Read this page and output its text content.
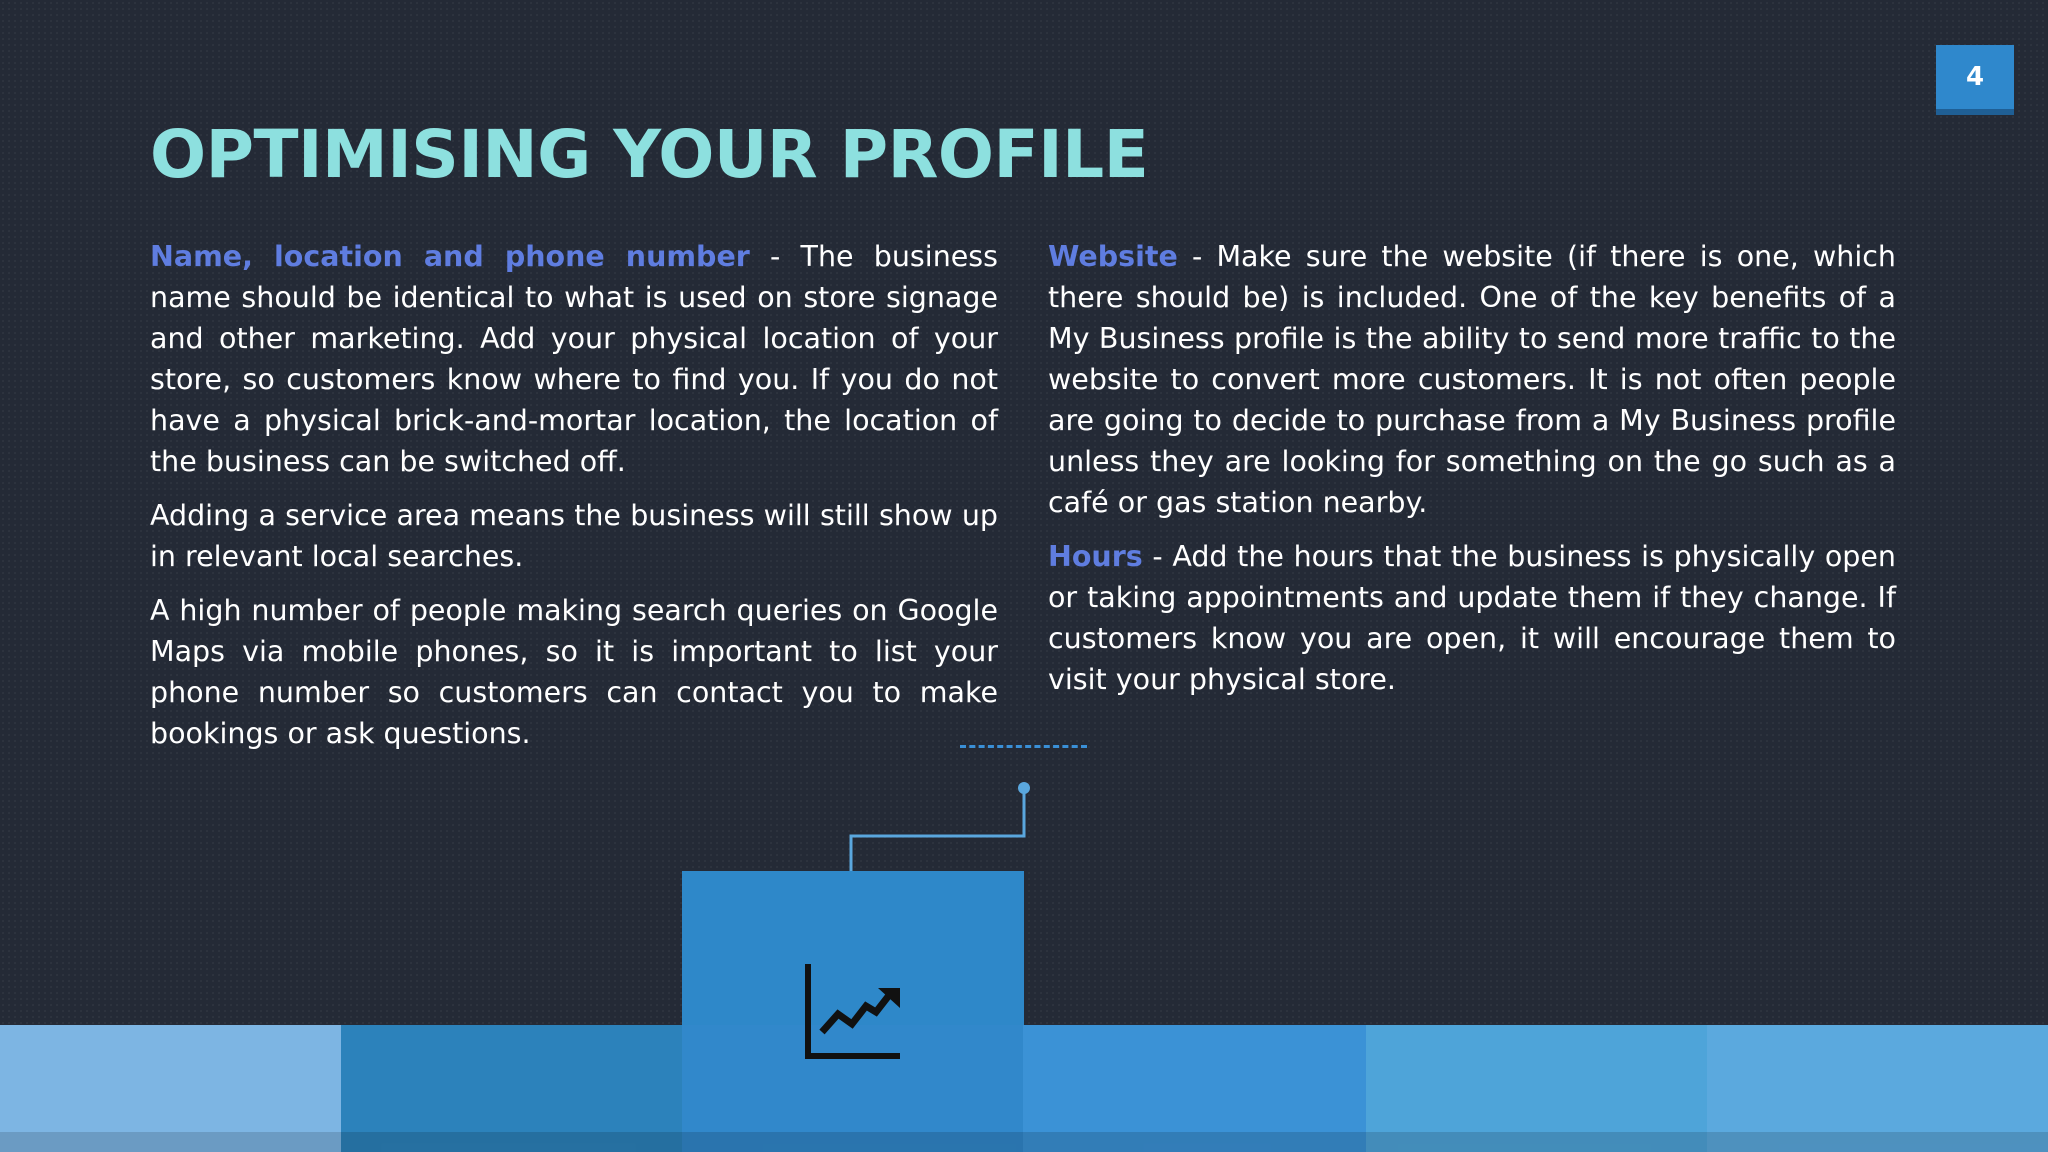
4
OPTIMISING YOUR PROFILE

Name, location and phone number - The business name should be identical to what is used on store signage and other marketing. Add your physical location of your store, so customers know where to find you. If you do not have a physical brick-and-mortar location, the location of the business can be switched off.

Adding a service area means the business will still show up in relevant local searches.

A high number of people making search queries on Google Maps via mobile phones, so it is important to list your phone number so customers can contact you to make bookings or ask questions.

Website - Make sure the website (if there is one, which there should be) is included. One of the key benefits of a My Business profile is the ability to send more traffic to the website to convert more customers. It is not often people are going to decide to purchase from a My Business profile unless they are looking for something on the go such as a café or gas station nearby.

Hours - Add the hours that the business is physically open or taking appointments and update them if they change. If customers know you are open, it will encourage them to visit your physical store.
